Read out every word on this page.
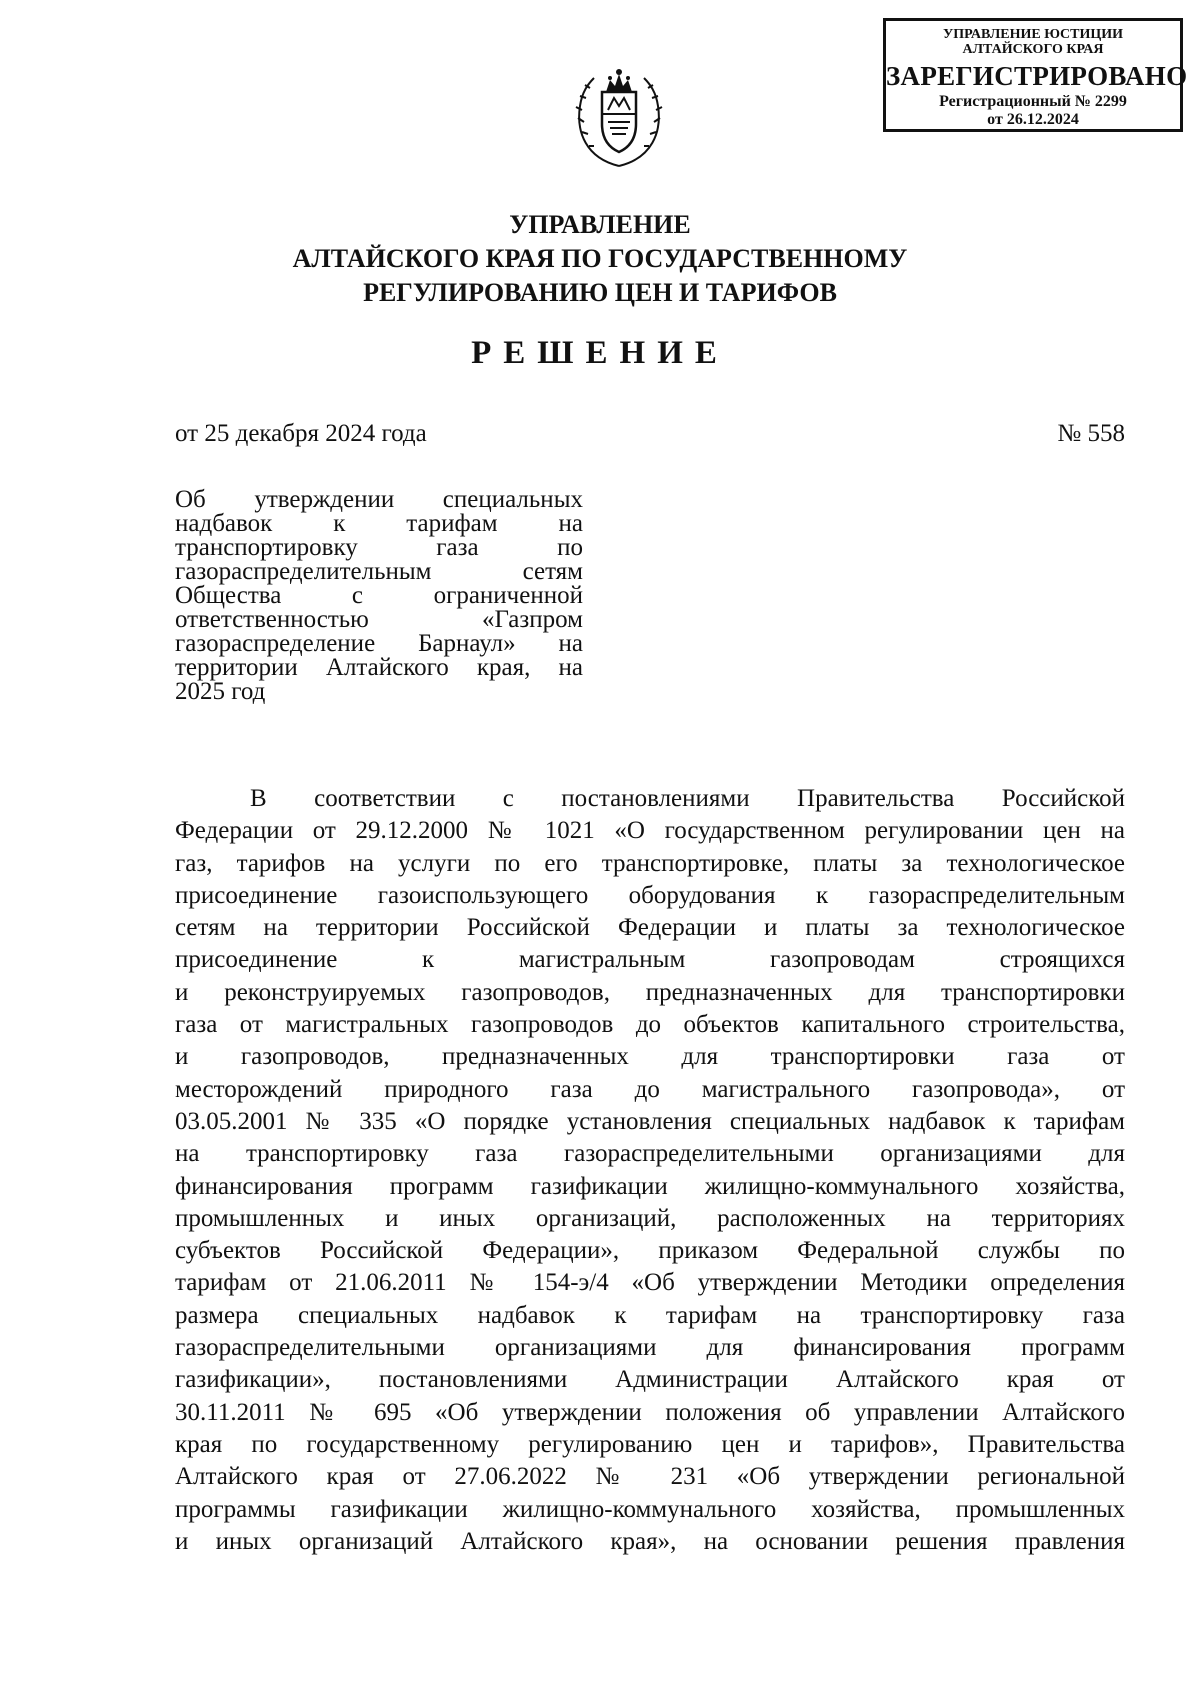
УПРАВЛЕНИЕ ЮСТИЦИИ
АЛТАЙСКОГО КРАЯ
ЗАРЕГИСТРИРОВАНО
Регистрационный № 2299
от 26.12.2024
УПРАВЛЕНИЕ
АЛТАЙСКОГО КРАЯ ПО ГОСУДАРСТВЕННОМУ
РЕГУЛИРОВАНИЮ ЦЕН И ТАРИФОВ
РЕШЕНИЕ
от 25 декабря 2024 года	№ 558
Об утверждении специальных
надбавок к тарифам на
транспортировку газа по
газораспределительным сетям
Общества с ограниченной
ответственностью «Газпром
газораспределение Барнаул» на
территории Алтайского края, на
2025 год
В соответствии с постановлениями Правительства Российской
Федерации от 29.12.2000 № 1021 «О государственном регулировании цен на
газ, тарифов на услуги по его транспортировке, платы за технологическое
присоединение газоиспользующего оборудования к газораспределительным
сетям на территории Российской Федерации и платы за технологическое
присоединение к магистральным газопроводам строящихся
и реконструируемых газопроводов, предназначенных для транспортировки
газа от магистральных газопроводов до объектов капитального строительства,
и газопроводов, предназначенных для транспортировки газа от
месторождений природного газа до магистрального газопровода», от
03.05.2001 № 335 «О порядке установления специальных надбавок к тарифам
на транспортировку газа газораспределительными организациями для
финансирования программ газификации жилищно-коммунального хозяйства,
промышленных и иных организаций, расположенных на территориях
субъектов Российской Федерации», приказом Федеральной службы по
тарифам от 21.06.2011 № 154-э/4 «Об утверждении Методики определения
размера специальных надбавок к тарифам на транспортировку газа
газораспределительными организациями для финансирования программ
газификации», постановлениями Администрации Алтайского края от
30.11.2011 № 695 «Об утверждении положения об управлении Алтайского
края по государственному регулированию цен и тарифов», Правительства
Алтайского края от 27.06.2022 № 231 «Об утверждении региональной
программы газификации жилищно-коммунального хозяйства, промышленных
и иных организаций Алтайского края», на основании решения правления
